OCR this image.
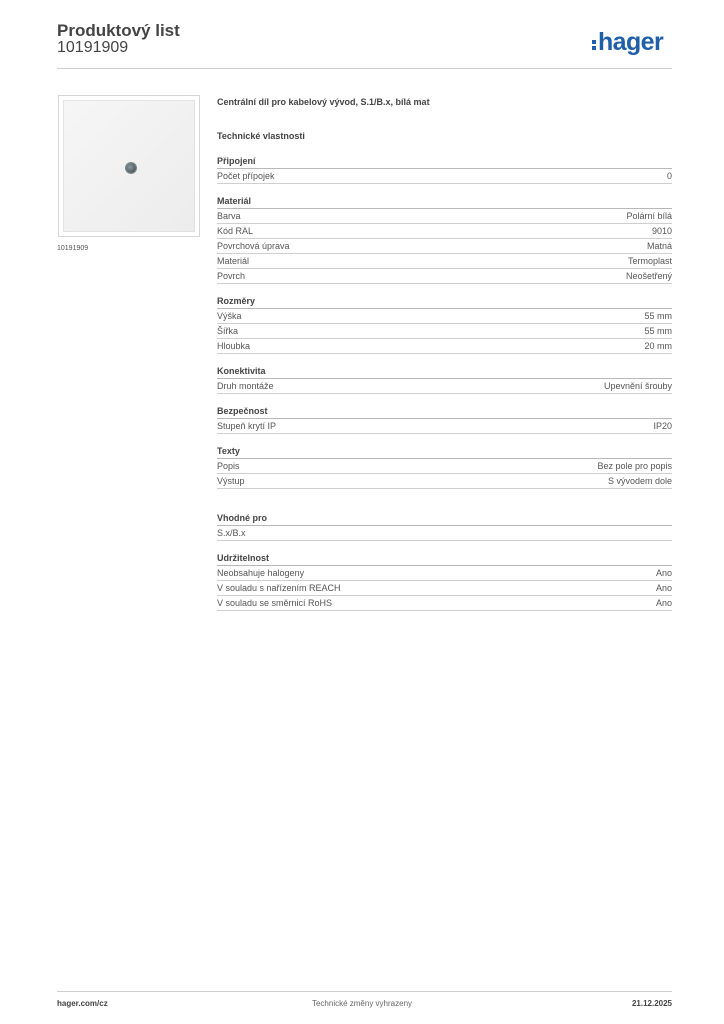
Produktový list
10191909	hager
10191909
Centrální díl pro kabelový vývod, S.1/B.x, bílá mat
Technické vlastnosti
Připojení
Počet přípojek	0
Materiál
Barva	Polární bílá
Kód RAL	9010
Povrchová úprava	Matná
Materiál	Termoplast
Povrch	Neošetřený
Rozměry
Výška	55 mm
Šířka	55 mm
Hloubka	20 mm
Konektivita
Druh montáže	Upevnění šrouby
Bezpečnost
Stupeň krytí IP	IP20
Texty
Popis	Bez pole pro popis
Výstup	S vývodem dole
Vhodné pro
S.x/B.x
Udržitelnost
Neobsahuje halogeny	Ano
V souladu s nařízením REACH	Ano
V souladu se směrnicí RoHS	Ano
hager.com/cz	Technické změny vyhrazeny	21.12.2025
